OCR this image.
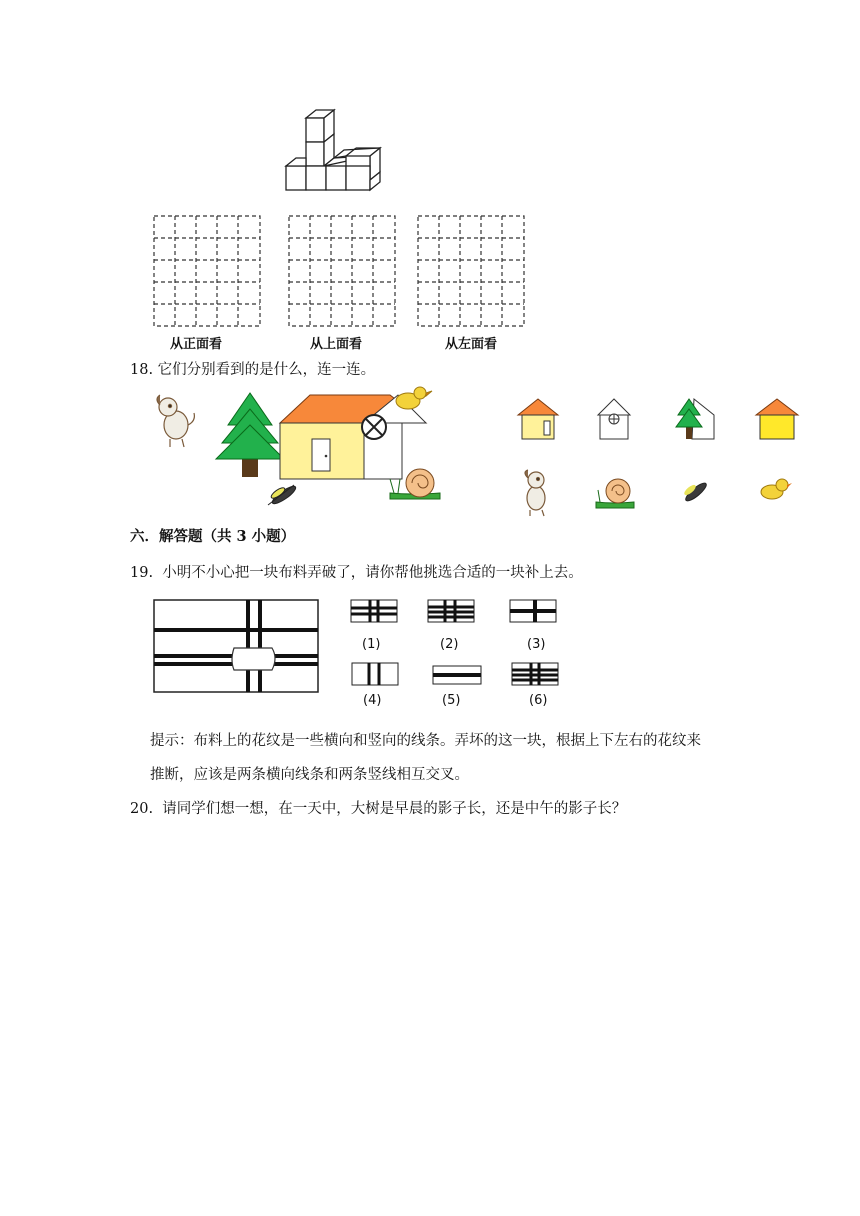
从正面看	从上面看	从左面看
18. 它们分别看到的是什么，连一连。
六．解答题（共 3 小题）
19. 小明不小心把一块布料弄破了，请你帮他挑选合适的一块补上去。
(1)	(2)	(3)
(4)	(5)	(6)
提示：布料上的花纹是一些横向和竖向的线条。弄坏的这一块，根据上下左右的花纹来
推断，应该是两条横向线条和两条竖线相互交叉。
20. 请同学们想一想，在一天中，大树是早晨的影子长，还是中午的影子长？
